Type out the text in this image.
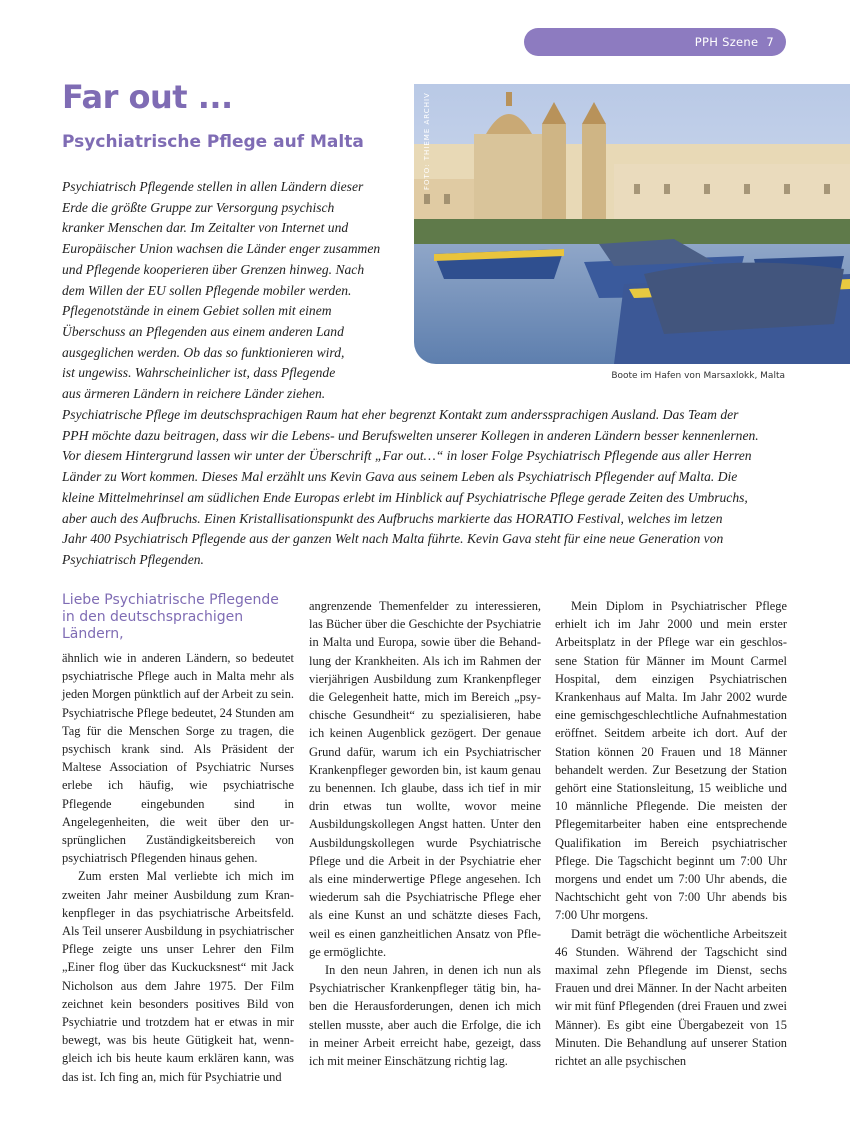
PPH Szene 7
Far out ...
Psychiatrische Pflege auf Malta	FOTO: THIEME ARCHIV
Boote im Hafen von Marsaxlokk, Malta
Psychiatrisch Pflegende stellen in allen Ländern dieser
Erde die größte Gruppe zur Versorgung psychisch
kranker Menschen dar. Im Zeitalter von Internet und
Europäischer Union wachsen die Länder enger zusammen
und Pflegende kooperieren über Grenzen hinweg. Nach
dem Willen der EU sollen Pflegende mobiler werden.
Pflegenotstände in einem Gebiet sollen mit einem
Überschuss an Pflegenden aus einem anderen Land
ausgeglichen werden. Ob das so funktionieren wird,
ist ungewiss. Wahrscheinlicher ist, dass Pflegende
aus ärmeren Ländern in reichere Länder ziehen.
Psychiatrische Pflege im deutschsprachigen Raum hat eher begrenzt Kontakt zum anderssprachigen Ausland. Das Team der
PPH möchte dazu beitragen, dass wir die Lebens- und Berufswelten unserer Kollegen in anderen Ländern besser kennenlernen.
Vor diesem Hintergrund lassen wir unter der Überschrift „Far out…“ in loser Folge Psychiatrisch Pflegende aus aller Herren
Länder zu Wort kommen. Dieses Mal erzählt uns Kevin Gava aus seinem Leben als Psychiatrisch Pflegender auf Malta. Die
kleine Mittelmehrinsel am südlichen Ende Europas erlebt im Hinblick auf Psychiatrische Pflege gerade Zeiten des Umbruchs,
aber auch des Aufbruchs. Einen Kristallisationspunkt des Aufbruchs markierte das HORATIO Festival, welches im letzen
Jahr 400 Psychiatrisch Pflegende aus der ganzen Welt nach Malta führte. Kevin Gava steht für eine neue Generation von
Psychiatrisch Pflegenden.
Liebe Psychiatrische Pflegende in den deutschsprachigen Ländern,

ähnlich wie in anderen Ländern, so bedeutet psychiatrische Pflege auch in Malta mehr als jeden Morgen pünktlich auf der Arbeit zu sein. Psychiatrische Pflege bedeutet, 24 Stunden am Tag für die Menschen Sorge zu tragen, die psychisch krank sind. Als Präsident der Maltese Association of Psychiatric Nurses erlebe ich häufig, wie psychiatrische Pflegende eingebunden sind in Angelegenheiten, die weit über den ursprünglichen Zuständigkeitsbereich von psychiatrisch Pflegenden hinaus gehen.

Zum ersten Mal verliebte ich mich im zweiten Jahr meiner Ausbildung zum Krankenpfleger in das psychiatrische Arbeitsfeld. Als Teil unserer Ausbildung in psychiatrischer Pflege zeigte uns unser Lehrer den Film „Einer flog über das Kuckucksnest“ mit Jack Nicholson aus dem Jahre 1975. Der Film zeichnet kein besonders positives Bild von Psychiatrie und trotzdem hat er etwas in mir bewegt, was bis heute Gütigkeit hat, wenngleich ich bis heute kaum erklären kann, was das ist. Ich fing an, mich für Psychiatrie und

angrenzende Themenfelder zu interessieren, las Bücher über die Geschichte der Psychiatrie in Malta und Europa, sowie über die Behandlung der Krankheiten. Als ich im Rahmen der vierjährigen Ausbildung zum Krankenpfleger die Gelegenheit hatte, mich im Bereich „psychische Gesundheit“ zu spezialisieren, habe ich keinen Augenblick gezögert. Der genaue Grund dafür, warum ich ein Psychiatrischer Krankenpfleger geworden bin, ist kaum genau zu benennen. Ich glaube, dass ich tief in mir drin etwas tun wollte, wovor meine Ausbildungskollegen Angst hatten. Unter den Ausbildungskollegen wurde Psychiatrische Pflege und die Arbeit in der Psychiatrie eher als eine minderwertige Pflege angesehen. Ich wiederum sah die Psychiatrische Pflege eher als eine Kunst an und schätzte dieses Fach, weil es einen ganzheitlichen Ansatz von Pflege ermöglichte.

In den neun Jahren, in denen ich nun als Psychiatrischer Krankenpfleger tätig bin, haben die Herausforderungen, denen ich mich stellen musste, aber auch die Erfolge, die ich in meiner Arbeit erreicht habe, gezeigt, dass ich mit meiner Einschätzung richtig lag.

Mein Diplom in Psychiatrischer Pflege erhielt ich im Jahr 2000 und mein erster Arbeitsplatz in der Pflege war ein geschlossene Station für Männer im Mount Carmel Hospital, dem einzigen Psychiatrischen Krankenhaus auf Malta. Im Jahr 2002 wurde eine gemischgeschlechtliche Aufnahmestation eröffnet. Seitdem arbeite ich dort. Auf der Station können 20 Frauen und 18 Männer behandelt werden. Zur Besetzung der Station gehört eine Stationsleitung, 15 weibliche und 10 männliche Pflegende. Die meisten der Pflegemitarbeiter haben eine entsprechende Qualifikation im Bereich psychiatrischer Pflege. Die Tagschicht beginnt um 7:00 Uhr morgens und endet um 7:00 Uhr abends, die Nachtschicht geht von 7:00 Uhr abends bis 7:00 Uhr morgens.

Damit beträgt die wöchentliche Arbeitszeit 46 Stunden. Während der Tagschicht sind maximal zehn Pflegende im Dienst, sechs Frauen und drei Männer. In der Nacht arbeiten wir mit fünf Pflegenden (drei Frauen und zwei Männer). Es gibt eine Übergabezeit von 15 Minuten. Die Behandlung auf unserer Station richtet an alle psychischen
